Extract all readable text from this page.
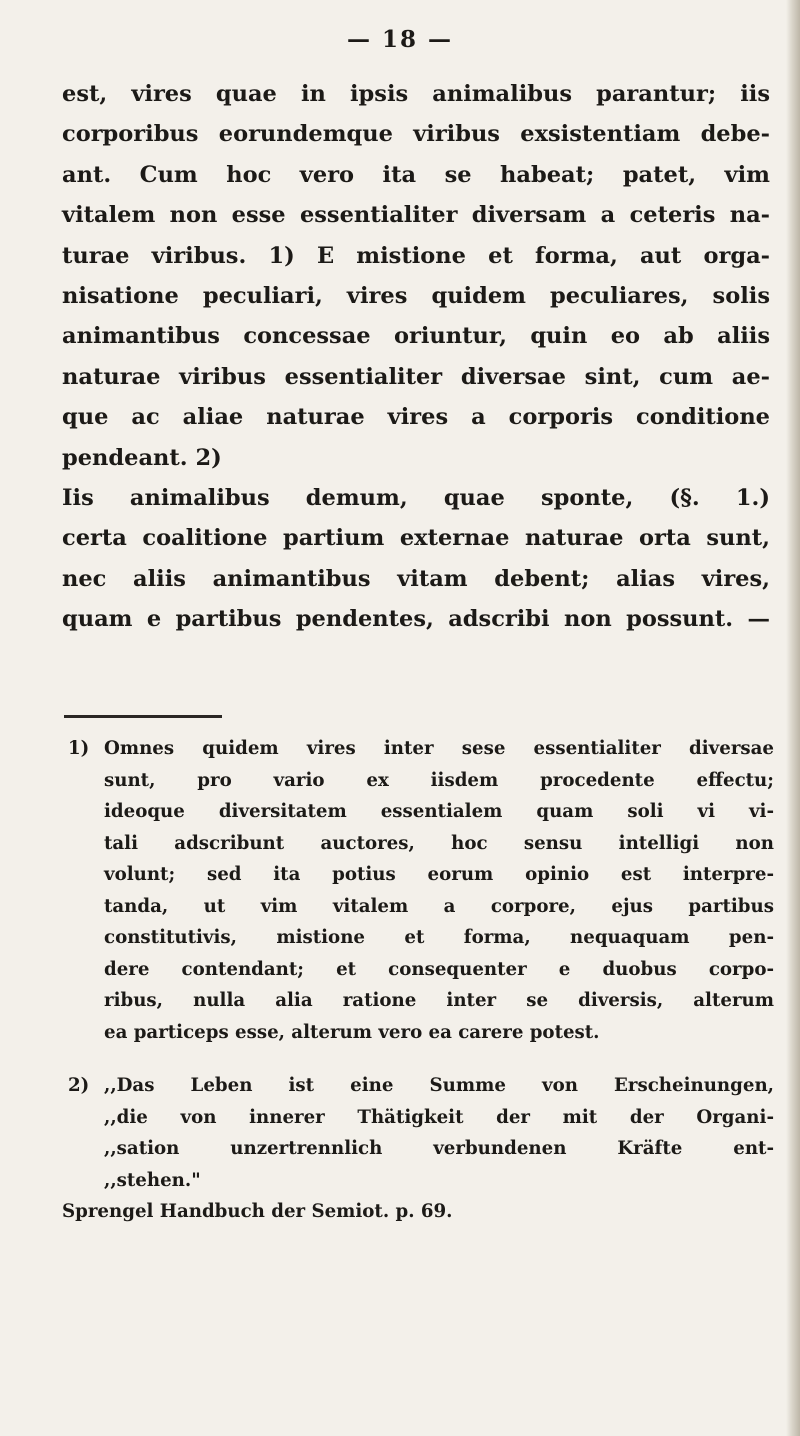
— 18 —
est, vires quae in ipsis animalibus parantur; iis
corporibus eorundemque viribus exsistentiam debe-
ant. Cum hoc vero ita se habeat; patet, vim
vitalem non esse essentialiter diversam a ceteris na-
turae viribus. 1) E mistione et forma, aut orga-
nisatione peculiari, vires quidem peculiares, solis
animantibus concessae oriuntur, quin eo ab aliis
naturae viribus essentialiter diversae sint, cum ae-
que ac aliae naturae vires a corporis conditione
pendeant. 2)
Iis animalibus demum, quae sponte, (§. 1.)
certa coalitione partium externae naturae orta sunt,
nec aliis animantibus vitam debent; alias vires,
quam e partibus pendentes, adscribi non possunt. —
1) Omnes quidem vires inter sese essentialiter diversae
sunt, pro vario ex iisdem procedente effectu;
ideoque diversitatem essentialem quam soli vi vi-
tali adscribunt auctores, hoc sensu intelligi non
volunt; sed ita potius eorum opinio est interpre-
tanda, ut vim vitalem a corpore, ejus partibus
constitutivis, mistione et forma, nequaquam pen-
dere contendant; et consequenter e duobus corpo-
ribus, nulla alia ratione inter se diversis, alterum
ea particeps esse, alterum vero ea carere potest.
2) ,,Das Leben ist eine Summe von Erscheinungen,
,,die von innerer Thätigkeit der mit der Organi-
,,sation unzertrennlich verbundenen Kräfte ent-
,,stehen."
Sprengel Handbuch der Semiot. p. 69.
